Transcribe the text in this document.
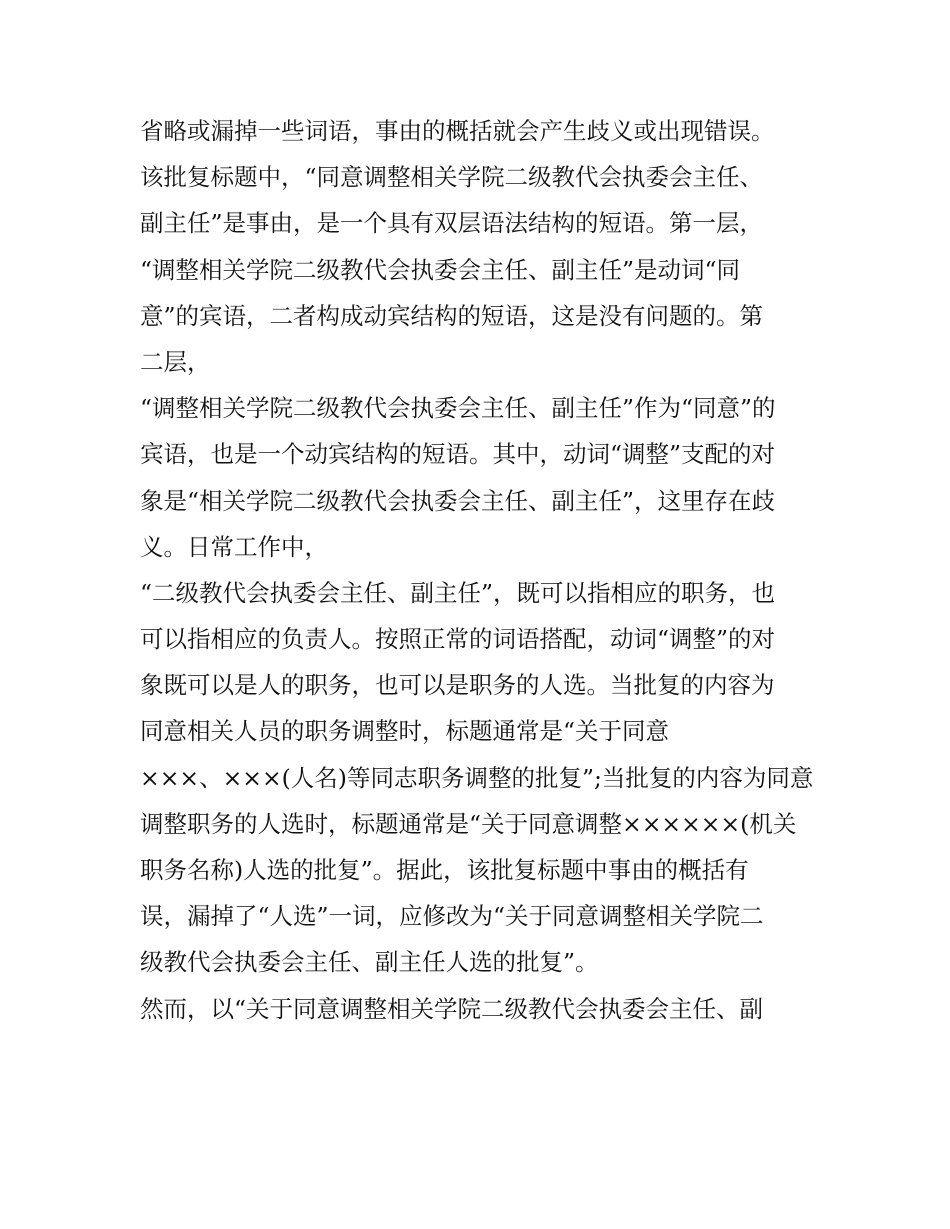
省略或漏掉一些词语，事由的概括就会产生歧义或出现错误。
该批复标题中，“同意调整相关学院二级教代会执委会主任、
副主任”是事由，是一个具有双层语法结构的短语。第一层，
“调整相关学院二级教代会执委会主任、副主任”是动词“同
意”的宾语，二者构成动宾结构的短语，这是没有问题的。第
二层，
“调整相关学院二级教代会执委会主任、副主任”作为“同意”的
宾语，也是一个动宾结构的短语。其中，动词“调整”支配的对
象是“相关学院二级教代会执委会主任、副主任”，这里存在歧
义。日常工作中，
“二级教代会执委会主任、副主任”，既可以指相应的职务，也
可以指相应的负责人。按照正常的词语搭配，动词“调整”的对
象既可以是人的职务，也可以是职务的人选。当批复的内容为
同意相关人员的职务调整时，标题通常是“关于同意
×××、×××(人名)等同志职务调整的批复”;当批复的内容为同意
调整职务的人选时，标题通常是“关于同意调整××××××(机关
职务名称)人选的批复”。据此，该批复标题中事由的概括有
误，漏掉了“人选”一词，应修改为“关于同意调整相关学院二
级教代会执委会主任、副主任人选的批复”。
然而，以“关于同意调整相关学院二级教代会执委会主任、副
